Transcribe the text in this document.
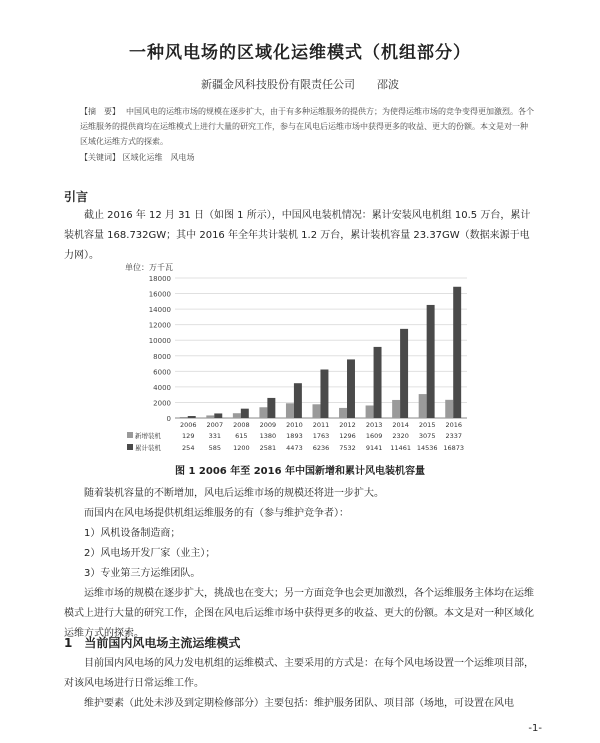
一种风电场的区域化运维模式（机组部分）
新疆金风科技股份有限责任公司　　邵波
【摘　要】 中国风电的运维市场的规模在逐步扩大，由于有多种运维服务的提供方；为使得运维市场的竞争变得更加激烈。各个运维服务的提供商均在运维模式上进行大量的研究工作，参与在风电后运维市场中获得更多的收益、更大的份额。本文是对一种区域化运维方式的探索。
【关键词】 区域化运维　风电场
引言
截止 2016 年 12 月 31 日（如图 1 所示），中国风电装机情况：累计安装风电机组 10.5 万台，累计装机容量 168.732GW；其中 2016 年全年共计装机 1.2 万台，累计装机容量 23.37GW（数据来源于电力网）。
单位：万千瓦
0
2000
4000
6000
8000
10000
12000
14000
16000
18000
2006 2007 2008 2009 2010 2011 2012 2013 2014 2015 2016
新增装机	129 331 615 1380 1893 1763 1296 1609 2320 3075 2337
累计装机	254 585 1200 2581 4473 6236 7532 9141 11461 14536 16873
图 1 2006 年至 2016 年中国新增和累计风电装机容量
随着装机容量的不断增加，风电后运维市场的规模还将进一步扩大。
而国内在风电场提供机组运维服务的有（参与维护竞争者）：
1）风机设备制造商；
2）风电场开发厂家（业主）；
3）专业第三方运维团队。
运维市场的规模在逐步扩大，挑战也在变大；另一方面竞争也会更加激烈，各个运维服务主体均在运维模式上进行大量的研究工作，企图在风电后运维市场中获得更多的收益、更大的份额。本文是对一种区域化运维方式的探索。
1　当前国内风电场主流运维模式
目前国内风电场的风力发电机组的运维模式、主要采用的方式是：在每个风电场设置一个运维项目部，对该风电场进行日常运维工作。
维护要素（此处未涉及到定期检修部分）主要包括：维护服务团队、项目部（场地，可设置在风电
-1-
